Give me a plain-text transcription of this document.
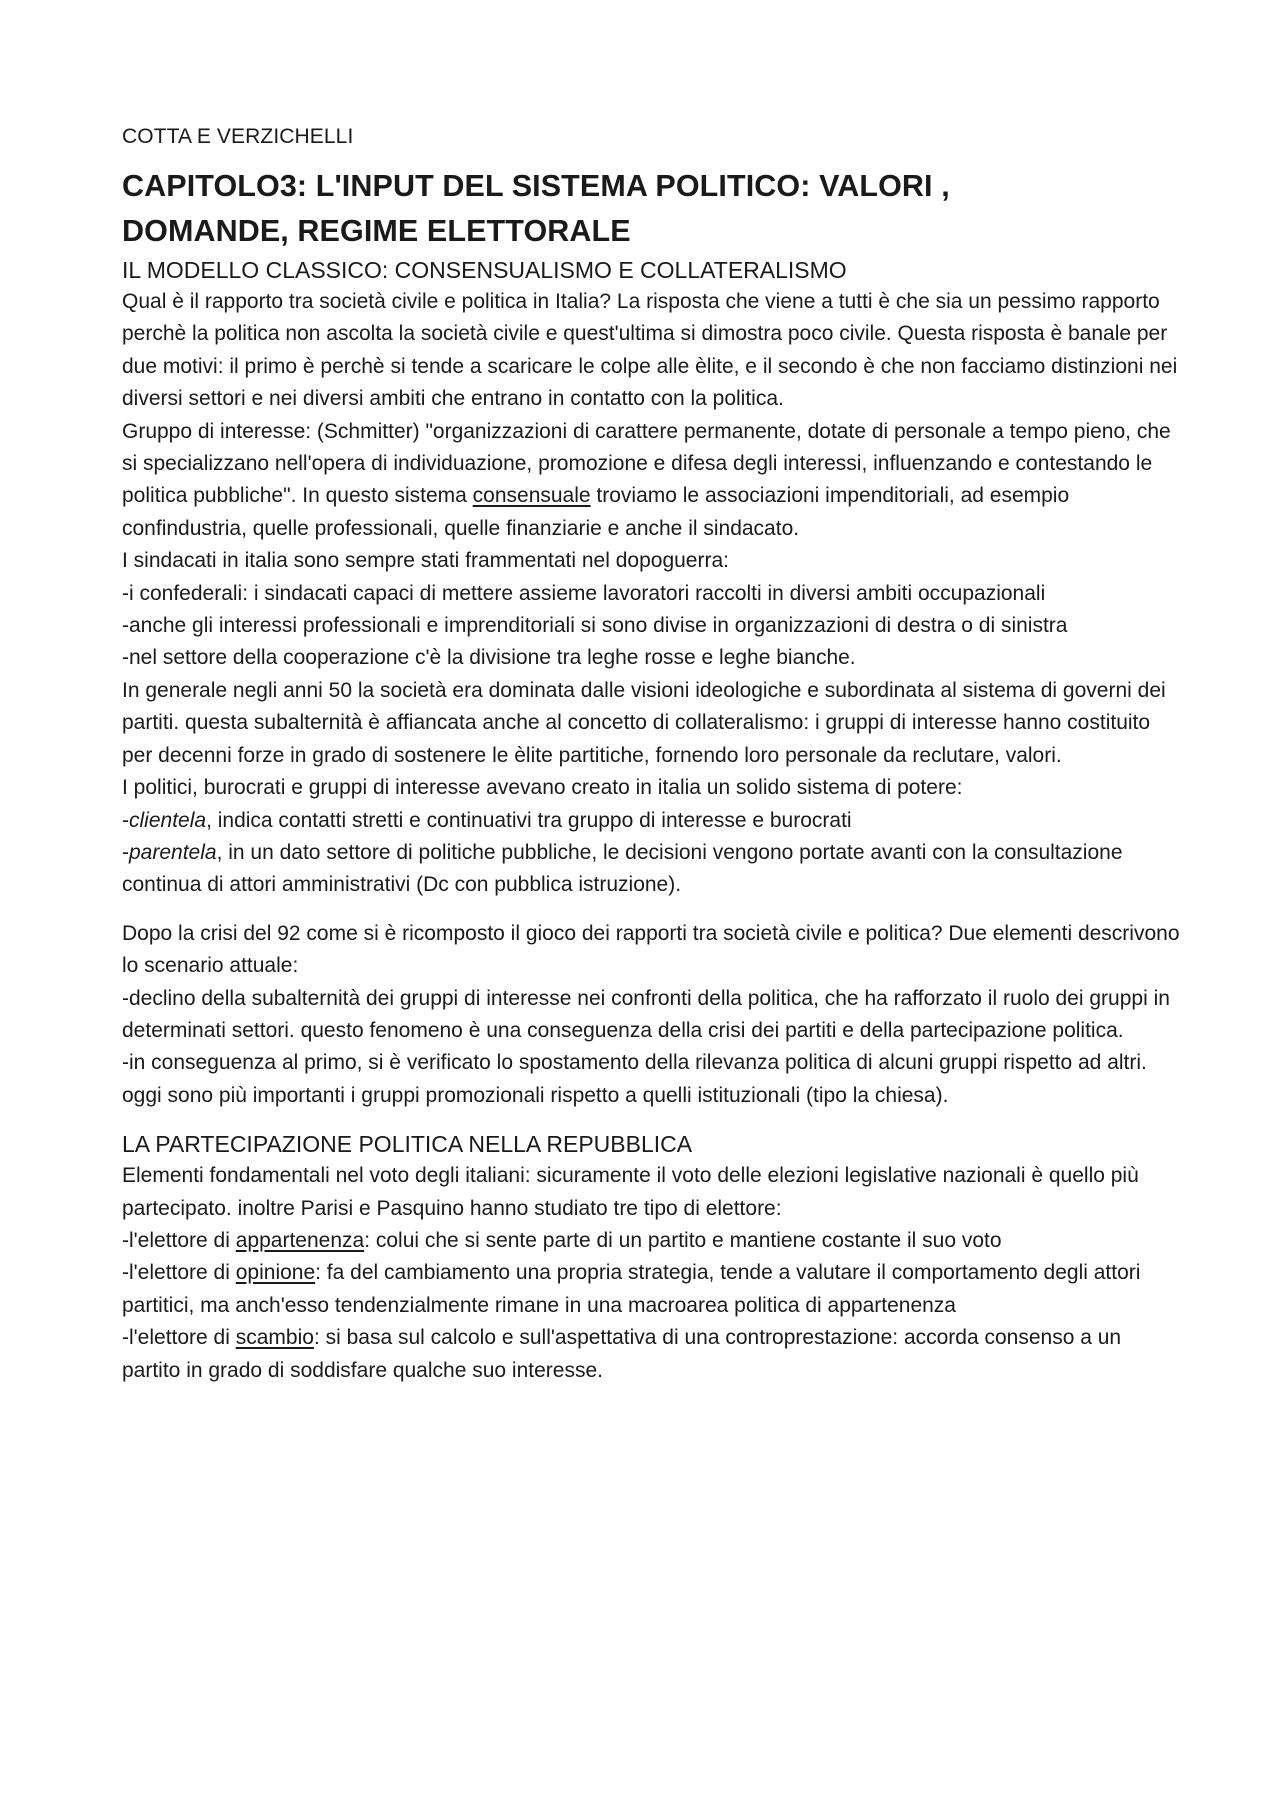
COTTA E VERZICHELLI

CAPITOLO3: L'INPUT DEL SISTEMA POLITICO: VALORI ,
DOMANDE, REGIME ELETTORALE
IL MODELLO CLASSICO: CONSENSUALISMO E COLLATERALISMO

Qual è il rapporto tra società civile e politica in Italia? La risposta che viene a tutti è che sia un pessimo rapporto perchè la politica non ascolta la società civile e quest'ultima si dimostra poco civile. Questa risposta è banale per due motivi: il primo è perchè si tende a scaricare le colpe alle èlite, e il secondo è che non facciamo distinzioni nei diversi settori e nei diversi ambiti che entrano in contatto con la politica.

Gruppo di interesse: (Schmitter) "organizzazioni di carattere permanente, dotate di personale a tempo pieno, che si specializzano nell'opera di individuazione, promozione e difesa degli interessi, influenzando e contestando le politica pubbliche". In questo sistema consensuale troviamo le associazioni impenditoriali, ad esempio confindustria, quelle professionali, quelle finanziarie e anche il sindacato.

I sindacati in italia sono sempre stati frammentati nel dopoguerra:

-i confederali: i sindacati capaci di mettere assieme lavoratori raccolti in diversi ambiti occupazionali

-anche gli interessi professionali e imprenditoriali si sono divise in organizzazioni di destra o di sinistra

-nel settore della cooperazione c'è la divisione tra leghe rosse e leghe bianche.

In generale negli anni 50 la società era dominata dalle visioni ideologiche e subordinata al sistema di governi dei partiti. questa subalternità è affiancata anche al concetto di collateralismo: i gruppi di interesse hanno costituito per decenni forze in grado di sostenere le èlite partitiche, fornendo loro personale da reclutare, valori.

I politici, burocrati e gruppi di interesse avevano creato in italia un solido sistema di potere:

-clientela, indica contatti stretti e continuativi tra gruppo di interesse e burocrati

-parentela, in un dato settore di politiche pubbliche, le decisioni vengono portate avanti con la consultazione continua di attori amministrativi (Dc con pubblica istruzione).

Dopo la crisi del 92 come si è ricomposto il gioco dei rapporti tra società civile e politica? Due elementi descrivono lo scenario attuale:

-declino della subalternità dei gruppi di interesse nei confronti della politica, che ha rafforzato il ruolo dei gruppi in determinati settori. questo fenomeno è una conseguenza della crisi dei partiti e della partecipazione politica.

-in conseguenza al primo, si è verificato lo spostamento della rilevanza politica di alcuni gruppi rispetto ad altri. oggi sono più importanti i gruppi promozionali rispetto a quelli istituzionali (tipo la chiesa).

LA PARTECIPAZIONE POLITICA NELLA REPUBBLICA

Elementi fondamentali nel voto degli italiani: sicuramente il voto delle elezioni legislative nazionali è quello più partecipato. inoltre Parisi e Pasquino hanno studiato tre tipo di elettore:

-l'elettore di appartenenza: colui che si sente parte di un partito e mantiene costante il suo voto

-l'elettore di opinione: fa del cambiamento una propria strategia, tende a valutare il comportamento degli attori partitici, ma anch'esso tendenzialmente rimane in una macroarea politica di appartenenza

-l'elettore di scambio: si basa sul calcolo e sull'aspettativa di una controprestazione: accorda consenso a un partito in grado di soddisfare qualche suo interesse.
